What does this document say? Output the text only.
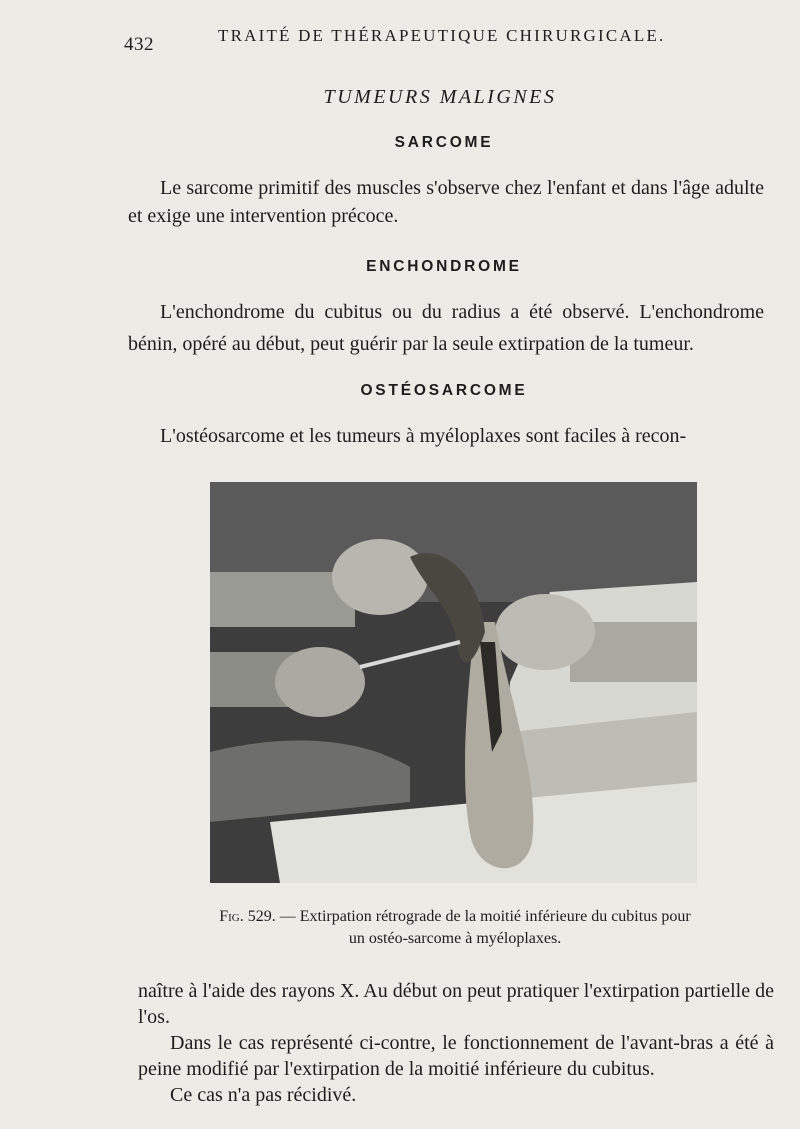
432	TRAITÉ DE THÉRAPEUTIQUE CHIRURGICALE.
TUMEURS MALIGNES
SARCOME

Le sarcome primitif des muscles s'observe chez l'enfant et dans l'âge adulte et exige une intervention précoce.

ENCHONDROME

L'enchondrome du cubitus ou du radius a été observé. L'enchondrome bénin, opéré au début, peut guérir par la seule extirpation de la tumeur.

OSTÉOSARCOME

L'ostéosarcome et les tumeurs à myéloplaxes sont faciles à recon-

Fig. 529. — Extirpation rétrograde de la moitié inférieure du cubitus pour un ostéo-sarcome à myéloplaxes.
naître à l'aide des rayons X. Au début on peut pratiquer l'extirpation partielle de l'os.
Dans le cas représenté ci-contre, le fonctionnement de l'avant-bras a été à peine modifié par l'extirpation de la moitié inférieure du cubitus.
Ce cas n'a pas récidivé.
